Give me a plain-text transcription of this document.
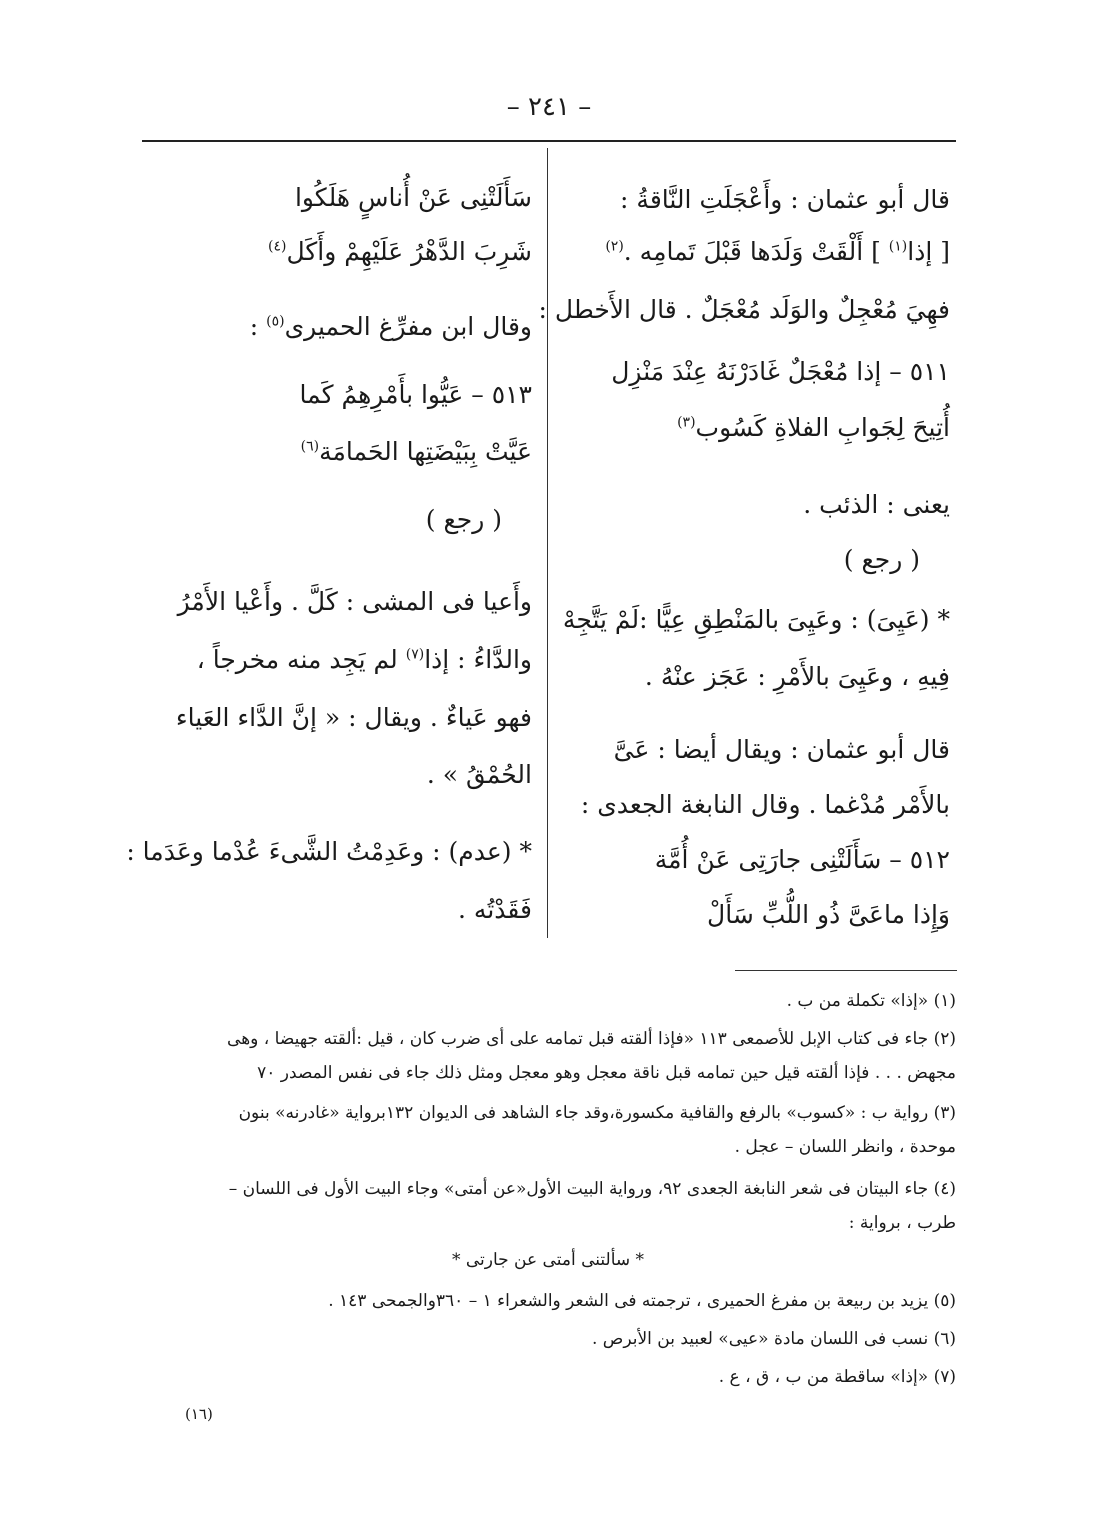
– ٢٤١ –
قال أبو عثمان : وأَعْجَلَتِ النَّاقةُ :
[ إذا$^{(١)}$ ] أَلْقَتْ وَلَدَها قَبْلَ تَمامِه .$^{(٢)}$
فهِيَ مُعْجِلٌ والوَلَد مُعْجَلٌ . قال الأَخطل :
٥١١ – إذا مُعْجَلٌ غَادَرْنَهُ عِنْدَ مَنْزِل
أُتِيحَ لِجَوابِ الفلاةِ كَسُوب$^{(٣)}$
يعنى : الذئب .
( رجع )
* (عَيِىَ) : وعَيِىَ بالمَنْطِقِ عِيًّا :لَمْ يَتَّجِهْ
فِيهِ ، وعَيِىَ بالأَمْرِ : عَجَز عنْهُ .
قال أبو عثمان : ويقال أيضا : عَىَّ
بالأَمْر مُدْغما . وقال النابغة الجعدى :
٥١٢ – سَأَلَتْنِى جارَتِى عَنْ أُمَّة
وَإِذا ماعَىَّ ذُو اللُّبِّ سَأَلْ
سَأَلَتْنِى عَنْ أُناسٍ هَلَكُوا
شَرِبَ الدَّهْرُ عَلَيْهِمْ وأَكَل$^{(٤)}$
وقال ابن مفرِّغ الحميرى$^{(٥)}$ :
٥١٣ – عَيُّوا بأَمْرِهِمُ كَما
عَيَّتْ بِبَيْضَتِها الحَمامَة$^{(٦)}$
( رجع )
وأَعيا فى المشى : كَلَّ . وأَعْيا الأَمْرُ
والدَّاءُ : إذا$^{(٧)}$ لم يَجِد منه مخرجاً ،
فهو عَياءٌ . ويقال : « إنَّ الدَّاء العَياء
الحُمْقُ » .
* (عدم) : وعَدِمْتُ الشَّىءَ عُدْما وعَدَما :
فَقَدْتُه .
(١) «إذا» تكملة من ب .
(٢) جاء فى كتاب الإبل للأصمعى ١١٣ «فإذا ألقته قبل تمامه على أى ضرب كان ، قيل :ألقته جهيضا ، وهى
مجهض . . . فإذا ألقته قيل حين تمامه قبل ناقة معجل وهو معجل ومثل ذلك جاء فى نفس المصدر ٧٠
(٣) رواية ب : «كسوب» بالرفع والقافية مكسورة،وقد جاء الشاهد فى الديوان ١٣٢برواية «غادرنه» بنون
موحدة ، وانظر اللسان – عجل .
(٤) جاء البيتان فى شعر النابغة الجعدى ٩٢، ورواية البيت الأول«عن أمتى» وجاء البيت الأول فى اللسان –
طرب ، برواية :
* سألتنى أمتى عن جارتى *
(٥) يزيد بن ربيعة بن مفرغ الحميرى ، ترجمته فى الشعر والشعراء ١ – ٣٦٠والجمحى ١٤٣ .
(٦) نسب فى اللسان مادة «عيى» لعبيد بن الأبرص .
(٧) «إذا» ساقطة من ب ، ق ، ع .
(١٦)
